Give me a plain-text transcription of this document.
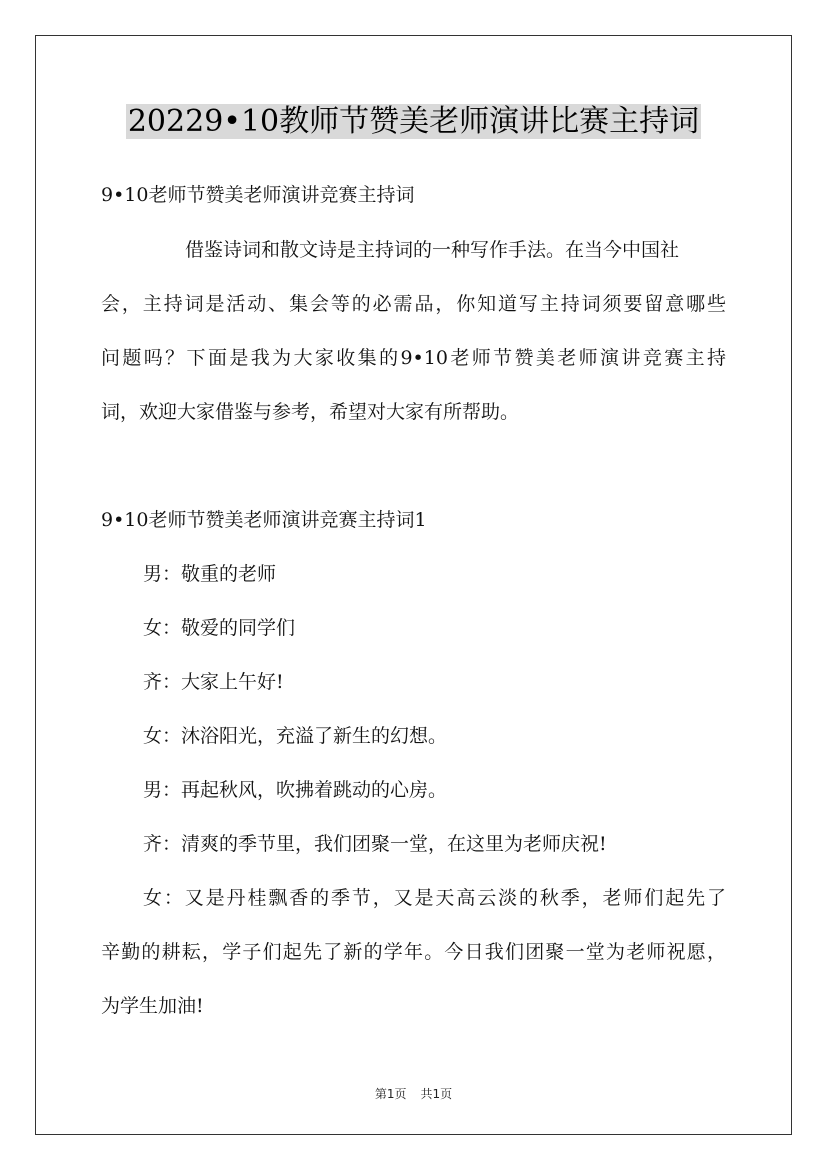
20229•10教师节赞美老师演讲比赛主持词
9•10老师节赞美老师演讲竞赛主持词
借鉴诗词和散文诗是主持词的一种写作手法。在当今中国社
会，主持词是活动、集会等的必需品，你知道写主持词须要留意哪些
问题吗？下面是我为大家收集的9•10老师节赞美老师演讲竞赛主持
词，欢迎大家借鉴与参考，希望对大家有所帮助。
9•10老师节赞美老师演讲竞赛主持词1
男：敬重的老师
女：敬爱的同学们
齐：大家上午好!
女：沐浴阳光，充溢了新生的幻想。
男：再起秋风，吹拂着跳动的心房。
齐：清爽的季节里，我们团聚一堂，在这里为老师庆祝!
女：又是丹桂飘香的季节，又是天高云淡的秋季，老师们起先了
辛勤的耕耘，学子们起先了新的学年。今日我们团聚一堂为老师祝愿，
为学生加油!
第1页 共1页
